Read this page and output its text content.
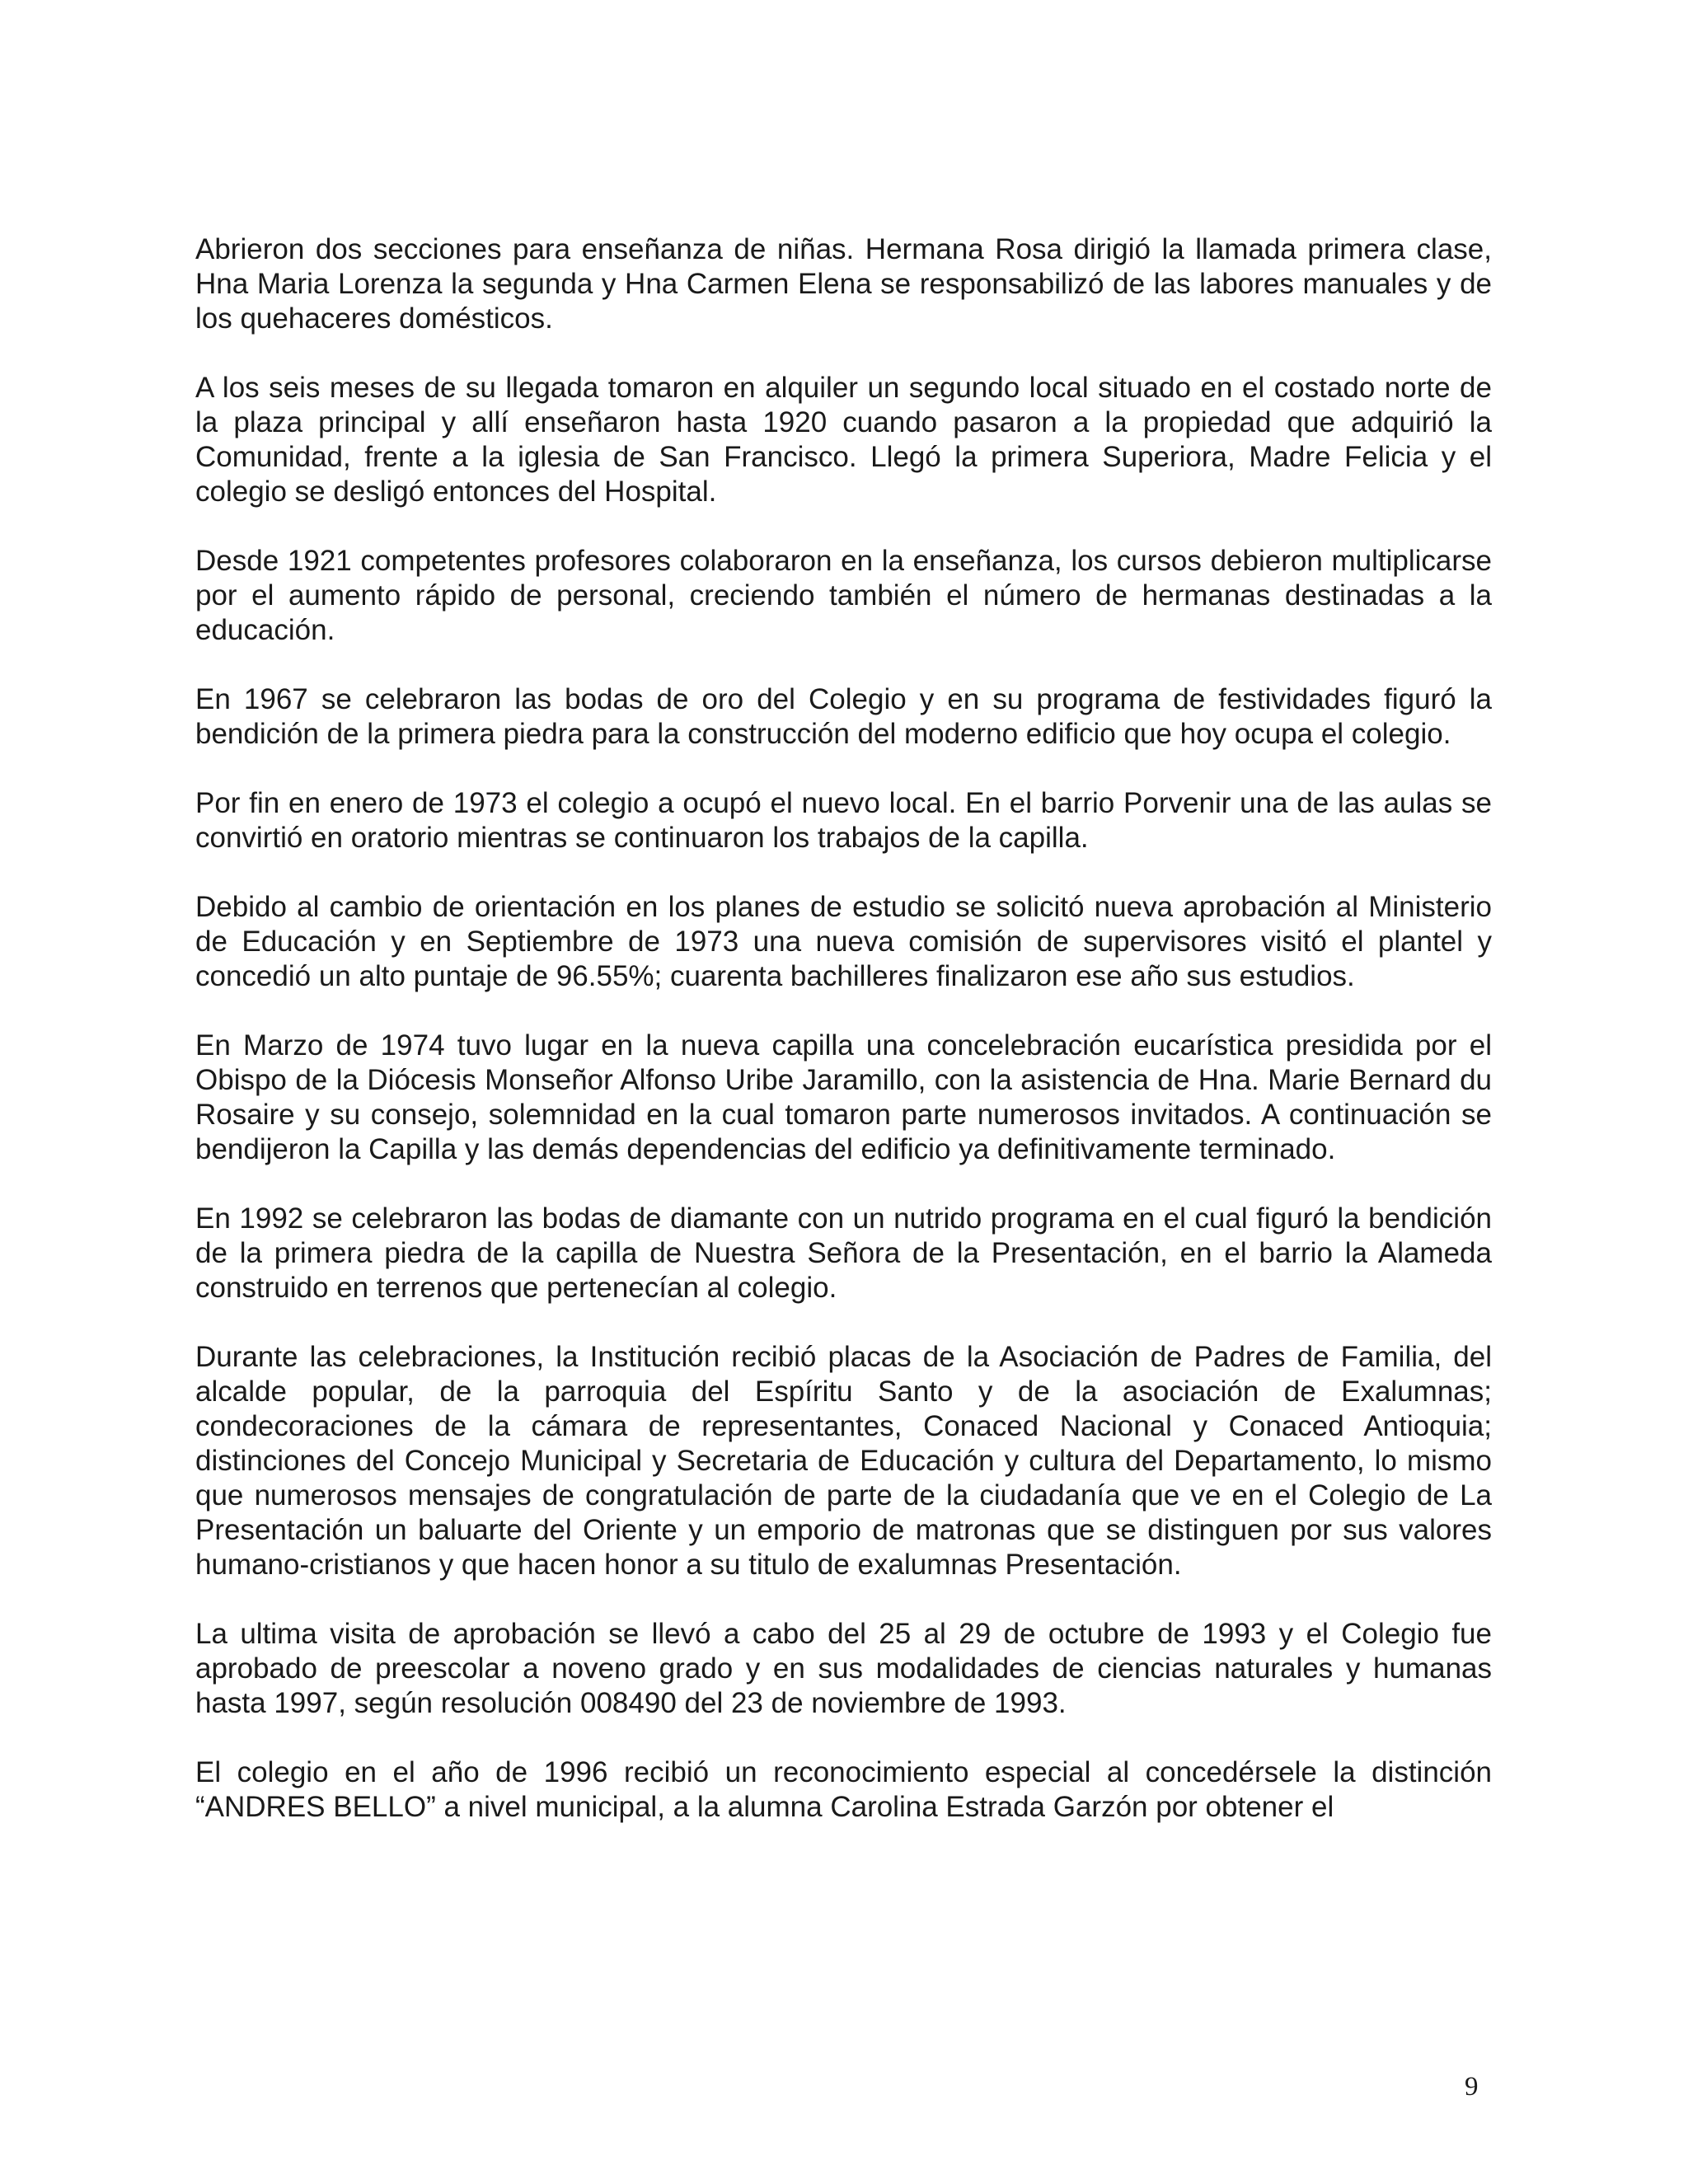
Abrieron dos secciones para enseñanza de niñas. Hermana Rosa dirigió la llamada primera clase, Hna Maria Lorenza la segunda y Hna Carmen Elena se responsabilizó de las labores manuales y de los quehaceres domésticos.

A los seis meses de su llegada tomaron en alquiler un segundo local situado en el costado norte de la plaza principal y allí enseñaron hasta 1920 cuando pasaron a la propiedad que adquirió la Comunidad, frente a la iglesia de San Francisco. Llegó la primera Superiora, Madre Felicia y el colegio se desligó entonces del Hospital.

Desde 1921 competentes profesores colaboraron en la enseñanza, los cursos debieron multiplicarse por el aumento rápido de personal, creciendo también el número de hermanas destinadas a la educación.

En 1967 se celebraron las bodas de oro del Colegio y en su programa de festividades figuró la bendición de la primera piedra para la construcción del moderno edificio que hoy ocupa el colegio.

Por fin en enero de 1973 el colegio a ocupó el nuevo local. En el barrio Porvenir una de las aulas se convirtió en oratorio mientras se continuaron los trabajos de la capilla.

Debido al cambio de orientación en los planes de estudio se solicitó nueva aprobación al Ministerio de Educación y en Septiembre de 1973 una nueva comisión de supervisores visitó el plantel y concedió un alto puntaje de 96.55%; cuarenta bachilleres finalizaron ese año sus estudios.

En Marzo de 1974 tuvo lugar en la nueva capilla una concelebración eucarística presidida por el Obispo de la Diócesis Monseñor Alfonso Uribe Jaramillo, con la asistencia de Hna. Marie Bernard du Rosaire y su consejo, solemnidad en la cual tomaron parte numerosos invitados. A continuación se bendijeron la Capilla y las demás dependencias del edificio ya definitivamente terminado.

En 1992 se celebraron las bodas de diamante con un nutrido programa en el cual figuró la bendición de la primera piedra de la capilla de Nuestra Señora de la Presentación, en el barrio la Alameda construido en terrenos que pertenecían al colegio.

Durante las celebraciones, la Institución recibió placas de la Asociación de Padres de Familia, del alcalde popular, de la parroquia del Espíritu Santo y de la asociación de Exalumnas; condecoraciones de la cámara de representantes, Conaced Nacional y Conaced Antioquia; distinciones del Concejo Municipal y Secretaria de Educación y cultura del Departamento, lo mismo que numerosos mensajes de congratulación de parte de la ciudadanía que ve en el Colegio de La Presentación un baluarte del Oriente y un emporio de matronas que se distinguen por sus valores humano-cristianos y que hacen honor a su titulo de exalumnas Presentación.

La ultima visita de aprobación se llevó a cabo del 25 al 29 de octubre de 1993 y el Colegio fue aprobado de preescolar a noveno grado y en sus modalidades de ciencias naturales y humanas hasta 1997, según resolución 008490 del 23 de noviembre de 1993.

El colegio en el año de 1996 recibió un reconocimiento especial al concedérsele la distinción “ANDRES BELLO” a nivel municipal, a la alumna Carolina Estrada Garzón por obtener el

9
